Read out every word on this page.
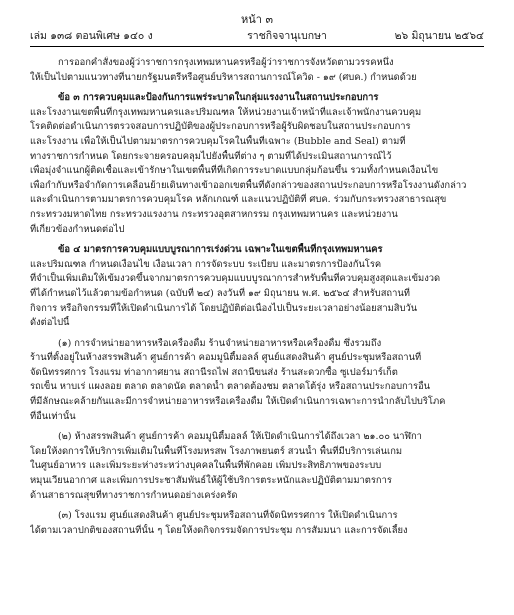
หน้า ๓
เล่ม ๑๓๘ ตอนพิเศษ ๑๔๐ ง	ราชกิจจานุเบกษา	๒๖ มิถุนายน ๒๕๖๔
การออกคำสั่งของผู้ว่าราชการกรุงเทพมหานครหรือผู้ว่าราชการจังหวัดตามวรรคหนึ่ง
ให้เป็นไปตามแนวทางที่นายกรัฐมนตรีหรือศูนย์บริหารสถานการณ์โควิด - ๑๙ (ศบค.) กำหนดด้วย
ข้อ ๓ การควบคุมและป้องกันการแพร่ระบาดในกลุ่มแรงงานในสถานประกอบการ
และโรงงานเขตพื้นที่กรุงเทพมหานครและปริมณฑล ให้หน่วยงานเจ้าหน้าที่และเจ้าพนักงานควบคุม
โรคติดต่อดำเนินการตรวจสอบการปฏิบัติของผู้ประกอบการหรือผู้รับผิดชอบในสถานประกอบการ
และโรงงาน เพื่อให้เป็นไปตามมาตรการควบคุมโรคในพื้นที่เฉพาะ (Bubble and Seal) ตามที่
ทางราชการกำหนด โดยกระจายครอบคลุมไปยังพื้นที่ต่าง ๆ ตามที่ได้ประเมินสถานการณ์ไว้
เพื่อมุ่งจำแนกผู้ติดเชื้อและเข้ารักษาในเขตพื้นที่ที่เกิดการระบาดแบบกลุ่มก้อนขึ้น รวมทั้งกำหนดเงื่อนไข
เพื่อกำกับหรือจำกัดการเคลื่อนย้ายเดินทางเข้าออกเขตพื้นที่ดังกล่าวของสถานประกอบการหรือโรงงานดังกล่าว
และดำเนินการตามมาตรการควบคุมโรค หลักเกณฑ์ และแนวปฏิบัติที่ ศบค. ร่วมกับกระทรวงสาธารณสุข
กระทรวงมหาดไทย กระทรวงแรงงาน กระทรวงอุตสาหกรรม กรุงเทพมหานคร และหน่วยงาน
ที่เกี่ยวข้องกำหนดต่อไป
ข้อ ๔ มาตรการควบคุมแบบบูรณาการเร่งด่วน เฉพาะในเขตพื้นที่กรุงเทพมหานคร
และปริมณฑล กำหนดเงื่อนไข เงื่อนเวลา การจัดระบบ ระเบียบ และมาตรการป้องกันโรค
ที่จำเป็นเพิ่มเติมให้เข้มงวดขึ้นจากมาตรการควบคุมแบบบูรณาการสำหรับพื้นที่ควบคุมสูงสุดและเข้มงวด
ที่ได้กำหนดไว้แล้วตามข้อกำหนด (ฉบับที่ ๒๔) ลงวันที่ ๑๙ มิถุนายน พ.ศ. ๒๕๖๔ สำหรับสถานที่
กิจการ หรือกิจกรรมที่ให้เปิดดำเนินการได้ โดยปฏิบัติต่อเนื่องไปเป็นระยะเวลาอย่างน้อยสามสิบวัน
ดังต่อไปนี้
(๑) การจำหน่ายอาหารหรือเครื่องดื่ม ร้านจำหน่ายอาหารหรือเครื่องดื่ม ซึ่งรวมถึง
ร้านที่ตั้งอยู่ในห้างสรรพสินค้า ศูนย์การค้า คอมมูนิตี้มอลล์ ศูนย์แสดงสินค้า ศูนย์ประชุมหรือสถานที่
จัดนิทรรศการ โรงแรม ท่าอากาศยาน สถานีรถไฟ สถานีขนส่ง ร้านสะดวกซื้อ ซูเปอร์มาร์เก็ต
รถเข็น หาบเร่ แผงลอย ตลาด ตลาดนัด ตลาดน้ำ ตลาดต้องชม ตลาดโต้รุ่ง หรือสถานประกอบการอื่น
ที่มีลักษณะคล้ายกันและมีการจำหน่ายอาหารหรือเครื่องดื่ม ให้เปิดดำเนินการเฉพาะการนำกลับไปบริโภค
ที่อื่นเท่านั้น
(๒) ห้างสรรพสินค้า ศูนย์การค้า คอมมูนิตี้มอลล์ ให้เปิดดำเนินการได้ถึงเวลา ๒๑.๐๐ นาฬิกา
โดยให้งดการให้บริการเพิ่มเติมในพื้นที่โรงมหรสพ โรงภาพยนตร์ สวนน้ำ พื้นที่มีบริการเล่นเกม
ในศูนย์อาหาร และเพิ่มระยะห่างระหว่างบุคคลในพื้นที่พักคอย เพิ่มประสิทธิภาพของระบบ
หมุนเวียนอากาศ และเพิ่มการประชาสัมพันธ์ให้ผู้ใช้บริการตระหนักและปฏิบัติตามมาตรการ
ด้านสาธารณสุขที่ทางราชการกำหนดอย่างเคร่งครัด
(๓) โรงแรม ศูนย์แสดงสินค้า ศูนย์ประชุมหรือสถานที่จัดนิทรรศการ ให้เปิดดำเนินการ
ได้ตามเวลาปกติของสถานที่นั้น ๆ โดยให้งดกิจกรรมจัดการประชุม การสัมมนา และการจัดเลี้ยง
